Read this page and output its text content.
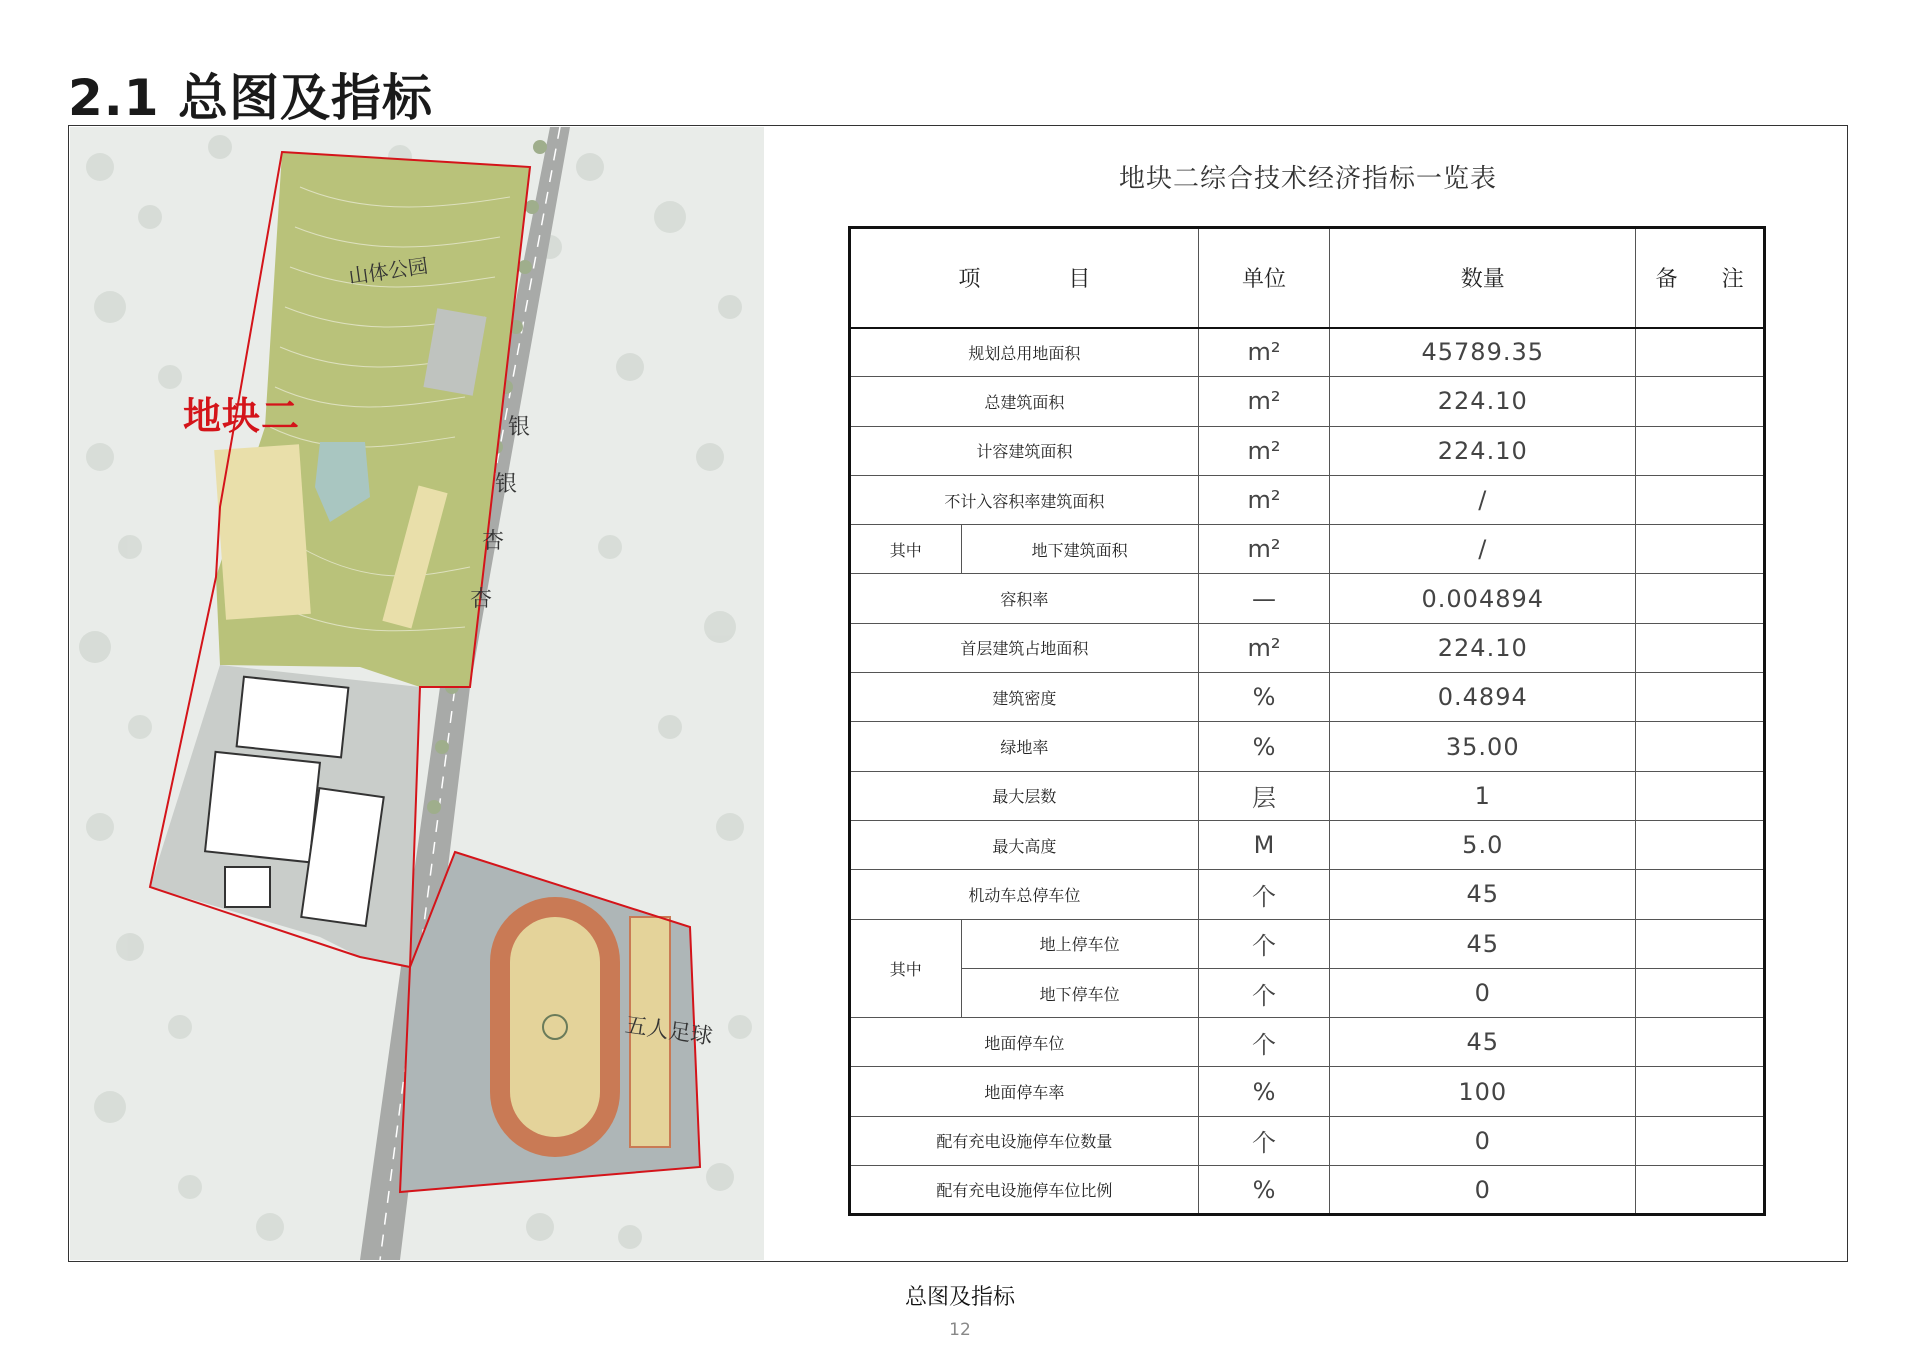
2.1 总图及指标
山体公园
银
银
杏
杏
五人足球
地块二
地块二综合技术经济指标一览表
项　　　　目		单位	数量	备　　注
规划总用地面积		m²	45789.35	
总建筑面积		m²	224.10	
计容建筑面积		m²	224.10	
不计入容积率建筑面积		m²	/	
其中	地下建筑面积	m²	/	
容积率		—	0.004894	
首层建筑占地面积		m²	224.10	
建筑密度		%	0.4894	
绿地率		%	35.00	
最大层数		层	1	
最大高度		M	5.0	
机动车总停车位		个	45	
其中	地上停车位	个	45	
	地下停车位	个	0	
地面停车位		个	45	
地面停车率		%	100	
配有充电设施停车位数量		个	0	
配有充电设施停车位比例		%	0	
总图及指标
12
